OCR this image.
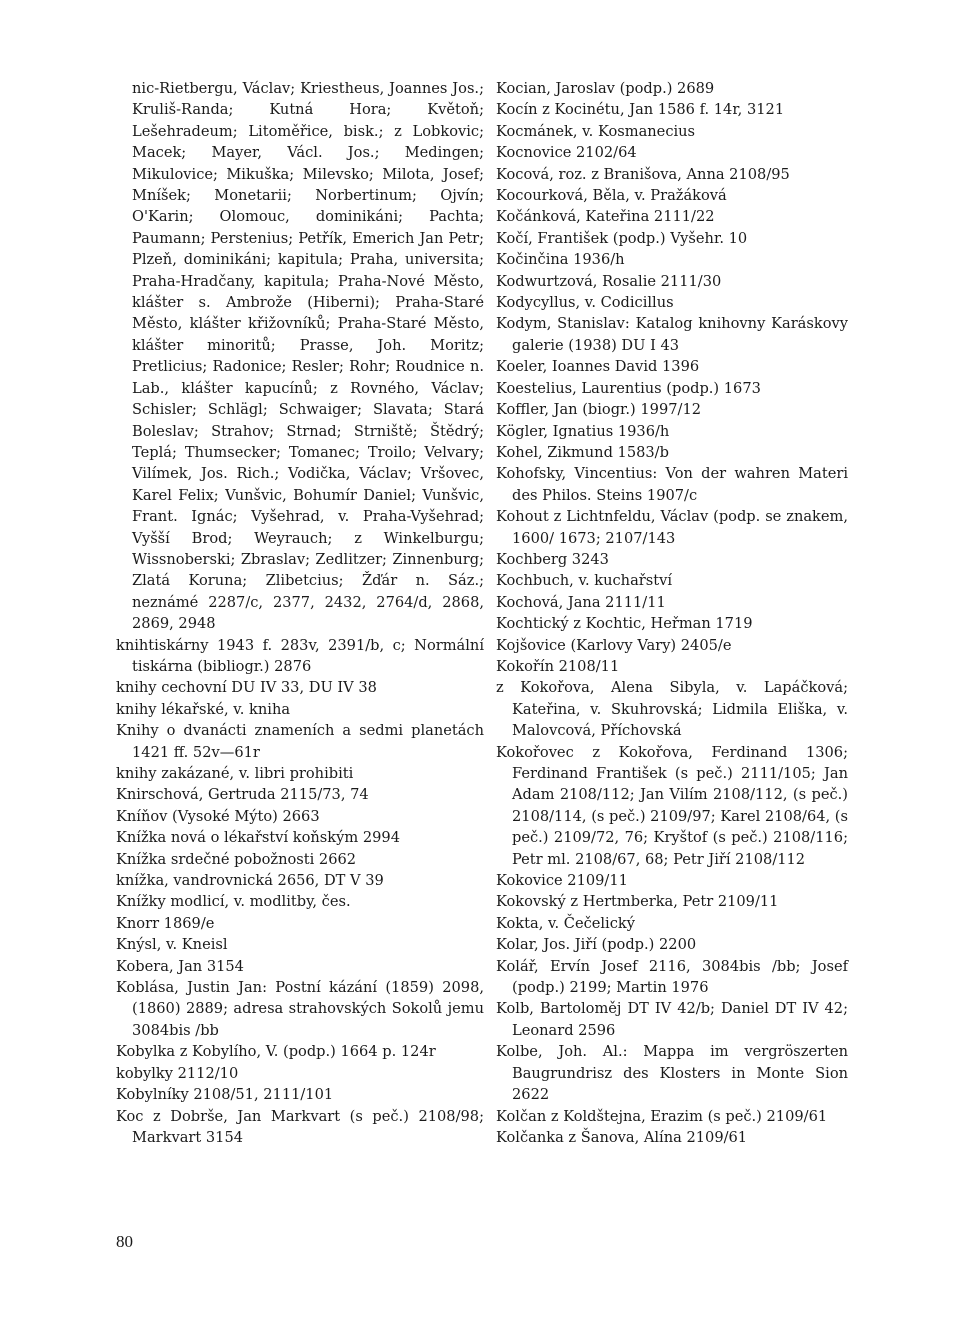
nic-Rietbergu, Václav; Kriestheus, Joannes Jos.; Kruliš-Randa; Kutná Hora; Květoň; Lešehradeum; Litoměřice, bisk.; z Lobkovic; Macek; Mayer, Václ. Jos.; Medingen; Mikulovice; Mikuška; Milevsko; Milota, Josef; Mníšek; Monetarii; Norbertinum; Ojvín; O'Karin; Olomouc, dominikáni; Pachta; Paumann; Perstenius; Petřík, Emerich Jan Petr; Plzeň, dominikáni; kapitula; Praha, universita; Praha-Hradčany, kapitula; Praha-Nové Město, klášter s. Ambrože (Hiberni); Praha-Staré Město, klášter křižovníků; Praha-Staré Město, klášter minoritů; Prasse, Joh. Moritz; Pretlicius; Radonice; Resler; Rohr; Roudnice n. Lab., klášter kapucínů; z Rovného, Václav; Schisler; Schlägl; Schwaiger; Slavata; Stará Boleslav; Strahov; Strnad; Strniště; Štědrý; Teplá; Thumsecker; Tomanec; Troilo; Velvary; Vilímek, Jos. Rich.; Vodička, Václav; Vršovec, Karel Felix; Vunšvic, Bohumír Daniel; Vunšvic, Frant. Ignác; Vyšehrad, v. Praha-Vyšehrad; Vyšší Brod; Weyrauch; z Winkelburgu; Wissnoberski; Zbraslav; Zedlitzer; Zinnenburg; Zlatá Koruna; Zlibetcius; Žďár n. Sáz.; neznámé 2287/c, 2377, 2432, 2764/d, 2868, 2869, 2948

knihtiskárny 1943 f. 283v, 2391/b, c; Normální tiskárna (bibliogr.) 2876

knihy cechovní DU IV 33, DU IV 38

knihy lékařské, v. kniha

Knihy o dvanácti znameních a sedmi planetách 1421 ff. 52v—61r

knihy zakázané, v. libri prohibiti

Knirschová, Gertruda 2115/73, 74

Kníňov (Vysoké Mýto) 2663

Knížka nová o lékařství koňským 2994

Knížka srdečné pobožnosti 2662

knížka, vandrovnická 2656, DT V 39

Knížky modlicí, v. modlitby, čes.

Knorr 1869/e

Knýsl, v. Kneisl

Kobera, Jan 3154

Koblása, Justin Jan: Postní kázání (1859) 2098, (1860) 2889; adresa strahovských Sokolů jemu 3084bis /bb

Kobylka z Kobylího, V. (podp.) 1664 p. 124r

kobylky 2112/10

Kobylníky 2108/51, 2111/101

Koc z Dobrše, Jan Markvart (s peč.) 2108/98; Markvart 3154

Kocian, Jaroslav (podp.) 2689

Kocín z Kocinétu, Jan 1586 f. 14r, 3121

Kocmánek, v. Kosmanecius

Kocnovice 2102/64

Kocová, roz. z Branišova, Anna 2108/95

Kocourková, Běla, v. Pražáková

Kočánková, Kateřina 2111/22

Kočí, František (podp.) Vyšehr. 10

Kočinčina 1936/h

Kodwurtzová, Rosalie 2111/30

Kodycyllus, v. Codicillus

Kodym, Stanislav: Katalog knihovny Karáskovy galerie (1938) DU I 43

Koeler, Ioannes David 1396

Koestelius, Laurentius (podp.) 1673

Koffler, Jan (biogr.) 1997/12

Kögler, Ignatius 1936/h

Kohel, Zikmund 1583/b

Kohofsky, Vincentius: Von der wahren Materi des Philos. Steins 1907/c

Kohout z Lichtnfeldu, Václav (podp. se znakem, 1600/ 1673; 2107/143

Kochberg 3243

Kochbuch, v. kuchařství

Kochová, Jana 2111/11

Kochtický z Kochtic, Heřman 1719

Kojšovice (Karlovy Vary) 2405/e

Kokořín 2108/11

z Kokořova, Alena Sibyla, v. Lapáčková; Kateřina, v. Skuhrovská; Lidmila Eliška, v. Malovcová, Příchovská

Kokořovec z Kokořova, Ferdinand 1306; Ferdinand František (s peč.) 2111/105; Jan Adam 2108/112; Jan Vilím 2108/112, (s peč.) 2108/114, (s peč.) 2109/97; Karel 2108/64, (s peč.) 2109/72, 76; Kryštof (s peč.) 2108/116; Petr ml. 2108/67, 68; Petr Jiří 2108/112

Kokovice 2109/11

Kokovský z Hertmberka, Petr 2109/11

Kokta, v. Čečelický

Kolar, Jos. Jiří (podp.) 2200

Kolář, Ervín Josef 2116, 3084bis /bb; Josef (podp.) 2199; Martin 1976

Kolb, Bartoloměj DT IV 42/b; Daniel DT IV 42; Leonard 2596

Kolbe, Joh. Al.: Mappa im vergröszerten Baugrundrisz des Klosters in Monte Sion 2622

Kolčan z Koldštejna, Erazim (s peč.) 2109/61

Kolčanka z Šanova, Alína 2109/61

80
